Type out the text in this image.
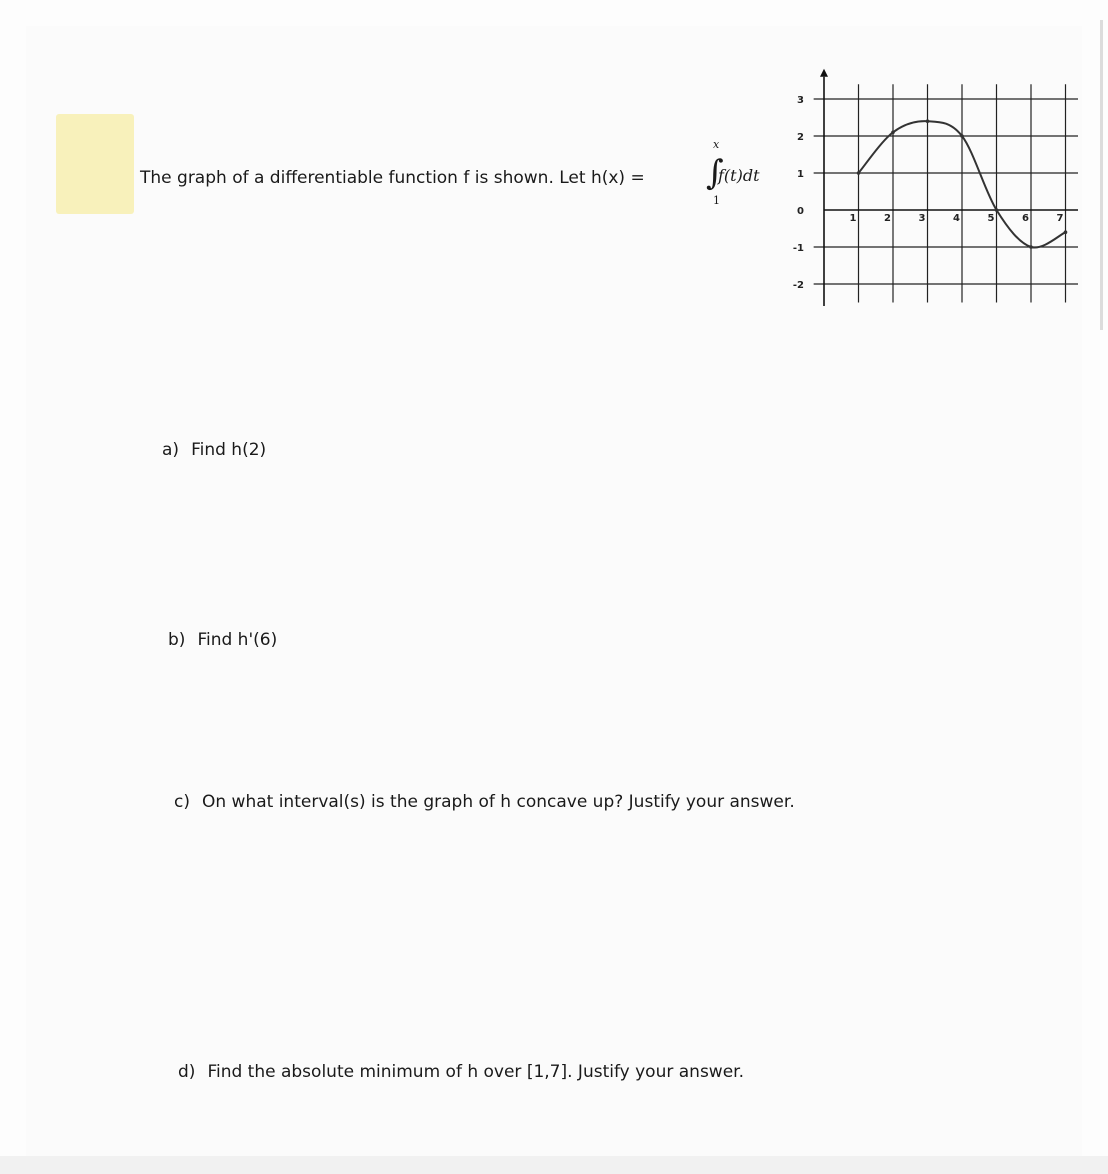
The graph of a differentiable function f is shown. Let h(x) = ∫
x
1
f(t)dt
1	2	3	4	5	6	7
3
2
1
0
-1
-2
a) Find h(2)
b) Find h'(6)
c) On what interval(s) is the graph of h concave up? Justify your answer.
d) Find the absolute minimum of h over [1,7]. Justify your answer.
